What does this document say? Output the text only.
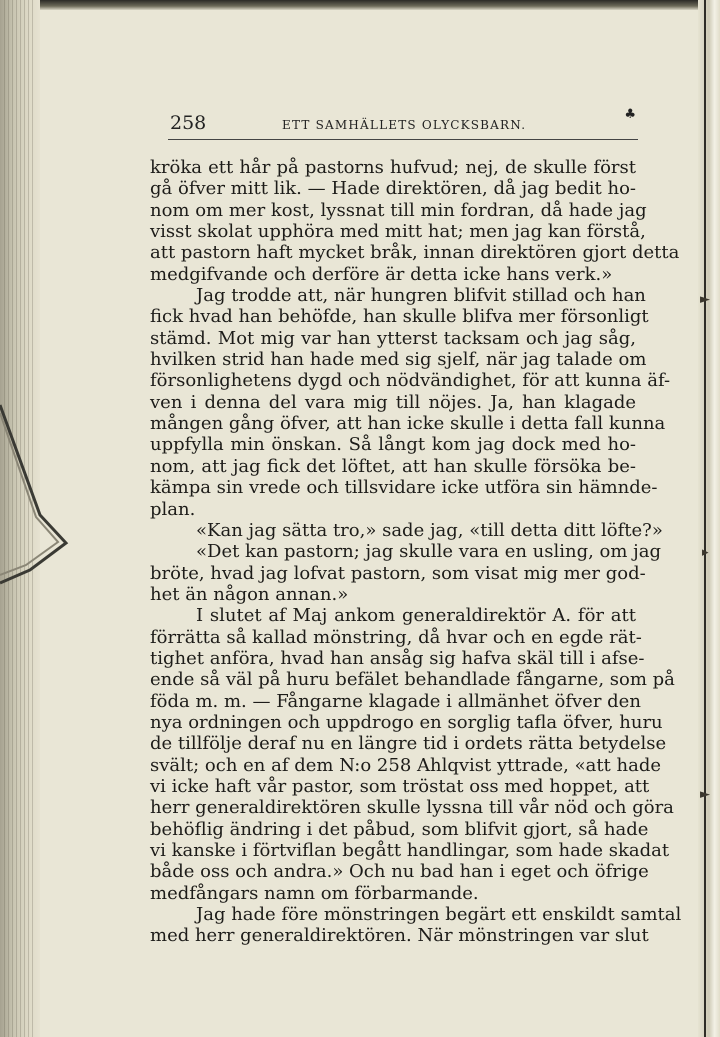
►
▸
►
258	ETT SAMHÄLLETS OLYCKSBARN.
♣
kröka ett hår på pastorns hufvud; nej, de skulle först
gå öfver mitt lik. — Hade direktören, då jag bedit ho-
nom om mer kost, lyssnat till min fordran, då hade jag
visst skolat upphöra med mitt hat; men jag kan förstå,
att pastorn haft mycket bråk, innan direktören gjort detta
medgifvande och derföre är detta icke hans verk.»
Jag trodde att, när hungren blifvit stillad och han
fick hvad han behöfde, han skulle blifva mer försonligt
stämd. Mot mig var han ytterst tacksam och jag såg,
hvilken strid han hade med sig sjelf, när jag talade om
försonlighetens dygd och nödvändighet, för att kunna äf-
ven i denna del vara mig till nöjes. Ja, han klagade
mången gång öfver, att han icke skulle i detta fall kunna
uppfylla min önskan. Så långt kom jag dock med ho-
nom, att jag fick det löftet, att han skulle försöka be-
kämpa sin vrede och tillsvidare icke utföra sin hämnde-
plan.
«Kan jag sätta tro,» sade jag, «till detta ditt löfte?»
«Det kan pastorn; jag skulle vara en usling, om jag
bröte, hvad jag lofvat pastorn, som visat mig mer god-
het än någon annan.»
I slutet af Maj ankom generaldirektör A. för att
förrätta så kallad mönstring, då hvar och en egde rät-
tighet anföra, hvad han ansåg sig hafva skäl till i afse-
ende så väl på huru befälet behandlade fångarne, som på
föda m. m. — Fångarne klagade i allmänhet öfver den
nya ordningen och uppdrogo en sorglig tafla öfver, huru
de tillfölje deraf nu en längre tid i ordets rätta betydelse
svält; och en af dem N:o 258 Ahlqvist yttrade, «att hade
vi icke haft vår pastor, som tröstat oss med hoppet, att
herr generaldirektören skulle lyssna till vår nöd och göra
behöflig ändring i det påbud, som blifvit gjort, så hade
vi kanske i förtviflan begått handlingar, som hade skadat
både oss och andra.» Och nu bad han i eget och öfrige
medfångars namn om förbarmande.
Jag hade före mönstringen begärt ett enskildt samtal
med herr generaldirektören. När mönstringen var slut
